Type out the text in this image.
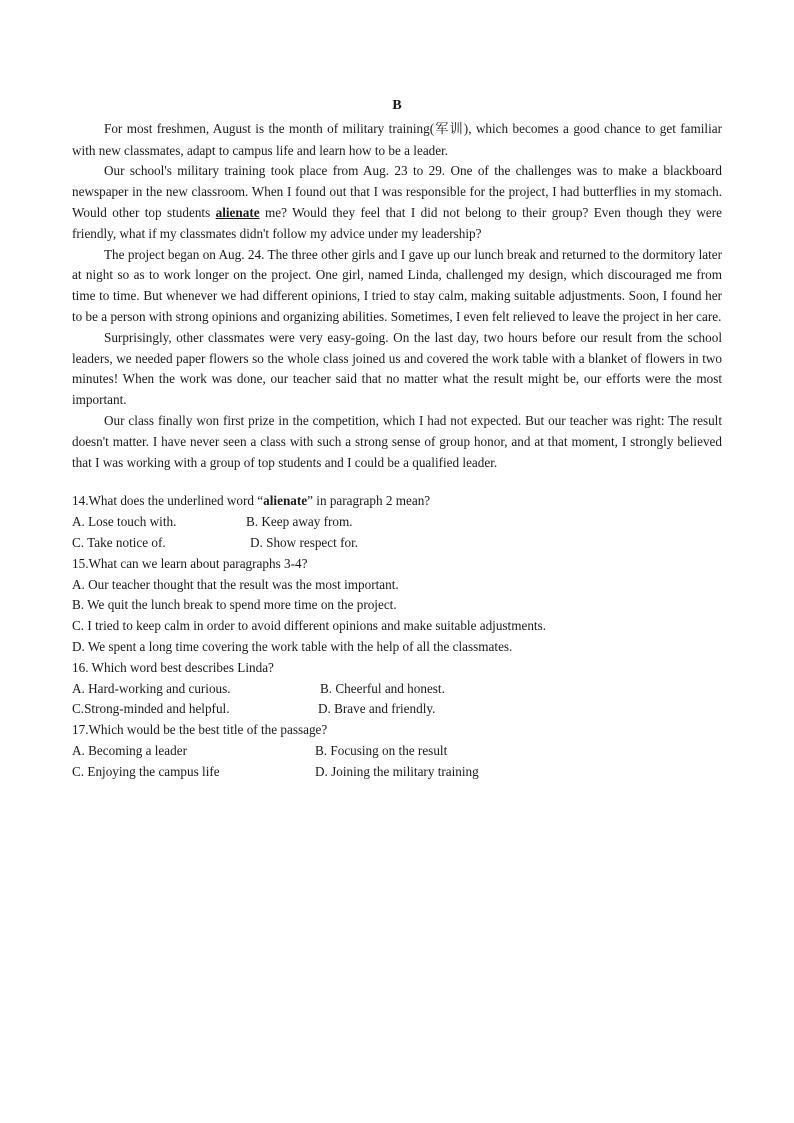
B

For most freshmen, August is the month of military training(军训), which becomes a good chance to get familiar with new classmates, adapt to campus life and learn how to be a leader.

Our school's military training took place from Aug. 23 to 29. One of the challenges was to make a blackboard newspaper in the new classroom. When I found out that I was responsible for the project, I had butterflies in my stomach. Would other top students alienate me? Would they feel that I did not belong to their group? Even though they were friendly, what if my classmates didn't follow my advice under my leadership?

The project began on Aug. 24. The three other girls and I gave up our lunch break and returned to the dormitory later at night so as to work longer on the project. One girl, named Linda, challenged my design, which discouraged me from time to time. But whenever we had different opinions, I tried to stay calm, making suitable adjustments. Soon, I found her to be a person with strong opinions and organizing abilities. Sometimes, I even felt relieved to leave the project in her care.

Surprisingly, other classmates were very easy-going. On the last day, two hours before our result from the school leaders, we needed paper flowers so the whole class joined us and covered the work table with a blanket of flowers in two minutes! When the work was done, our teacher said that no matter what the result might be, our efforts were the most important.

Our class finally won first prize in the competition, which I had not expected. But our teacher was right: The result doesn't matter. I have never seen a class with such a strong sense of group honor, and at that moment, I strongly believed that I was working with a group of top students and I could be a qualified leader.

14.What does the underlined word “alienate” in paragraph 2 mean?

A. Lose touch with.	B. Keep away from.

C. Take notice of.	D. Show respect for.

15.What can we learn about paragraphs 3-4?

A. Our teacher thought that the result was the most important.

B. We quit the lunch break to spend more time on the project.

C. I tried to keep calm in order to avoid different opinions and make suitable adjustments.

D. We spent a long time covering the work table with the help of all the classmates.

16. Which word best describes Linda?

A. Hard-working and curious.	B. Cheerful and honest.

C.Strong-minded and helpful.	D. Brave and friendly.

17.Which would be the best title of the passage?

A. Becoming a leader	B. Focusing on the result

C. Enjoying the campus life	D. Joining the military training
